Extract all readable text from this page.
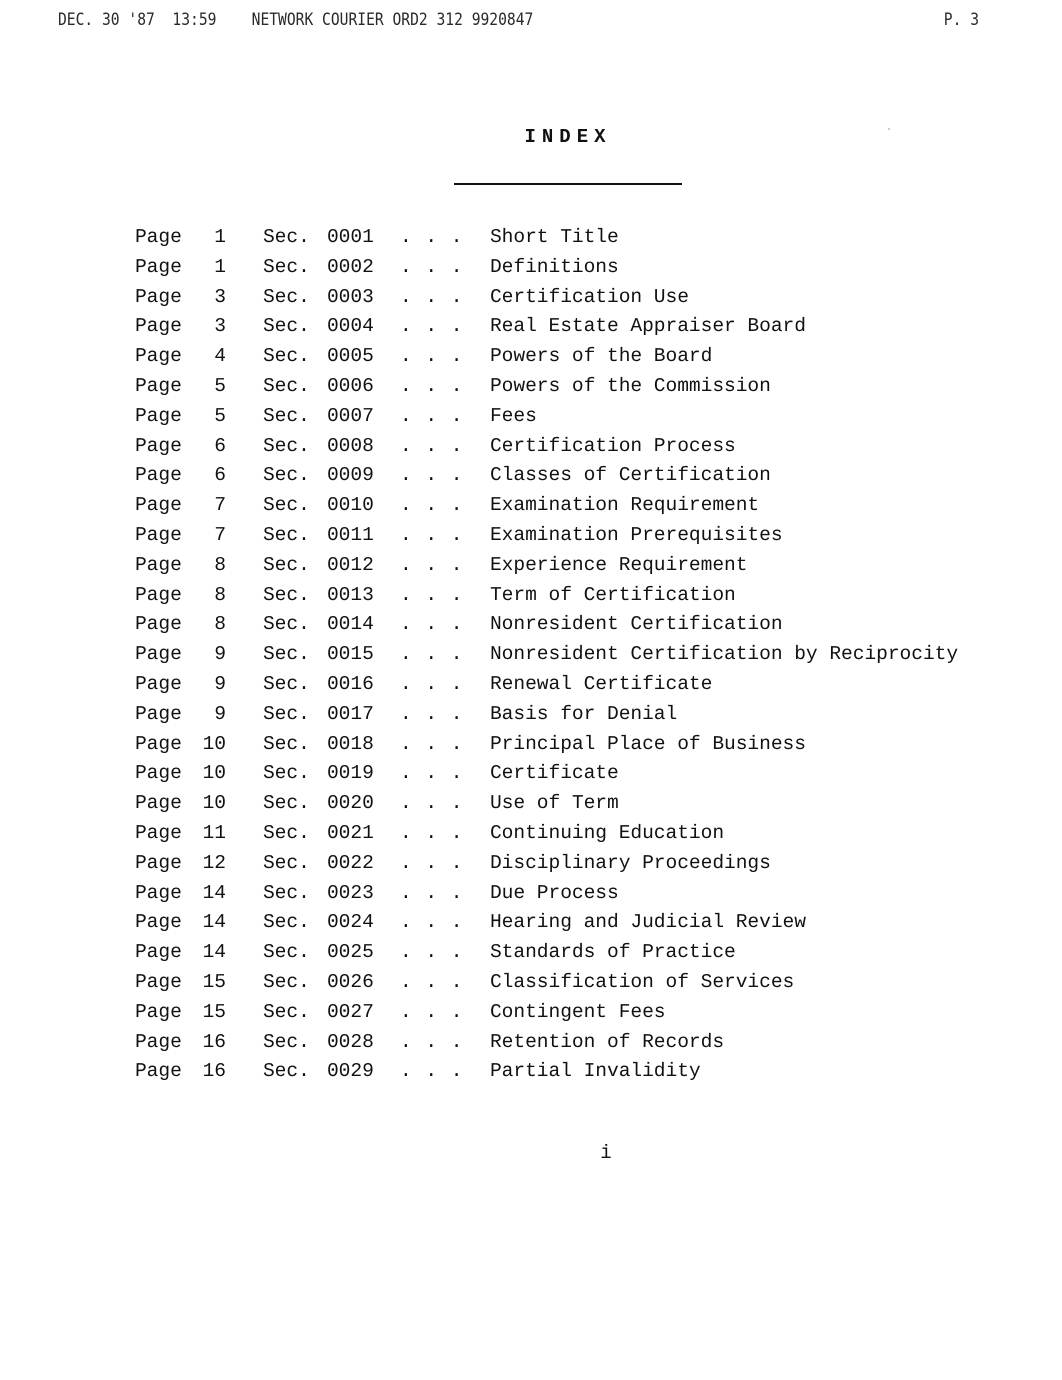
DEC. 30 '87  13:59    NETWORK COURIER ORD2 312 9920847	P. 3
INDEX
Page	1 Sec. 0001 . . . Short Title
Page	1 Sec. 0002 . . . Definitions
Page	3 Sec. 0003 . . . Certification Use
Page	3 Sec. 0004 . . . Real Estate Appraiser Board
Page	4 Sec. 0005 . . . Powers of the Board
Page	5 Sec. 0006 . . . Powers of the Commission
Page	5 Sec. 0007 . . . Fees
Page	6 Sec. 0008 . . . Certification Process
Page	6 Sec. 0009 . . . Classes of Certification
Page	7 Sec. 0010 . . . Examination Requirement
Page	7 Sec. 0011 . . . Examination Prerequisites
Page	8 Sec. 0012 . . . Experience Requirement
Page	8 Sec. 0013 . . . Term of Certification
Page	8 Sec. 0014 . . . Nonresident Certification
Page	9 Sec. 0015 . . . Nonresident Certification by Reciprocity
Page	9 Sec. 0016 . . . Renewal Certificate
Page	9 Sec. 0017 . . . Basis for Denial
Page 10 Sec. 0018 . . . Principal Place of Business
Page 10 Sec. 0019 . . . Certificate
Page 10 Sec. 0020 . . . Use of Term
Page 11 Sec. 0021 . . . Continuing Education
Page 12 Sec. 0022 . . . Disciplinary Proceedings
Page 14 Sec. 0023 . . . Due Process
Page 14 Sec. 0024 . . . Hearing and Judicial Review
Page 14 Sec. 0025 . . . Standards of Practice
Page 15 Sec. 0026 . . . Classification of Services
Page 15 Sec. 0027 . . . Contingent Fees
Page 16 Sec. 0028 . . . Retention of Records
Page 16 Sec. 0029 . . . Partial Invalidity
i
